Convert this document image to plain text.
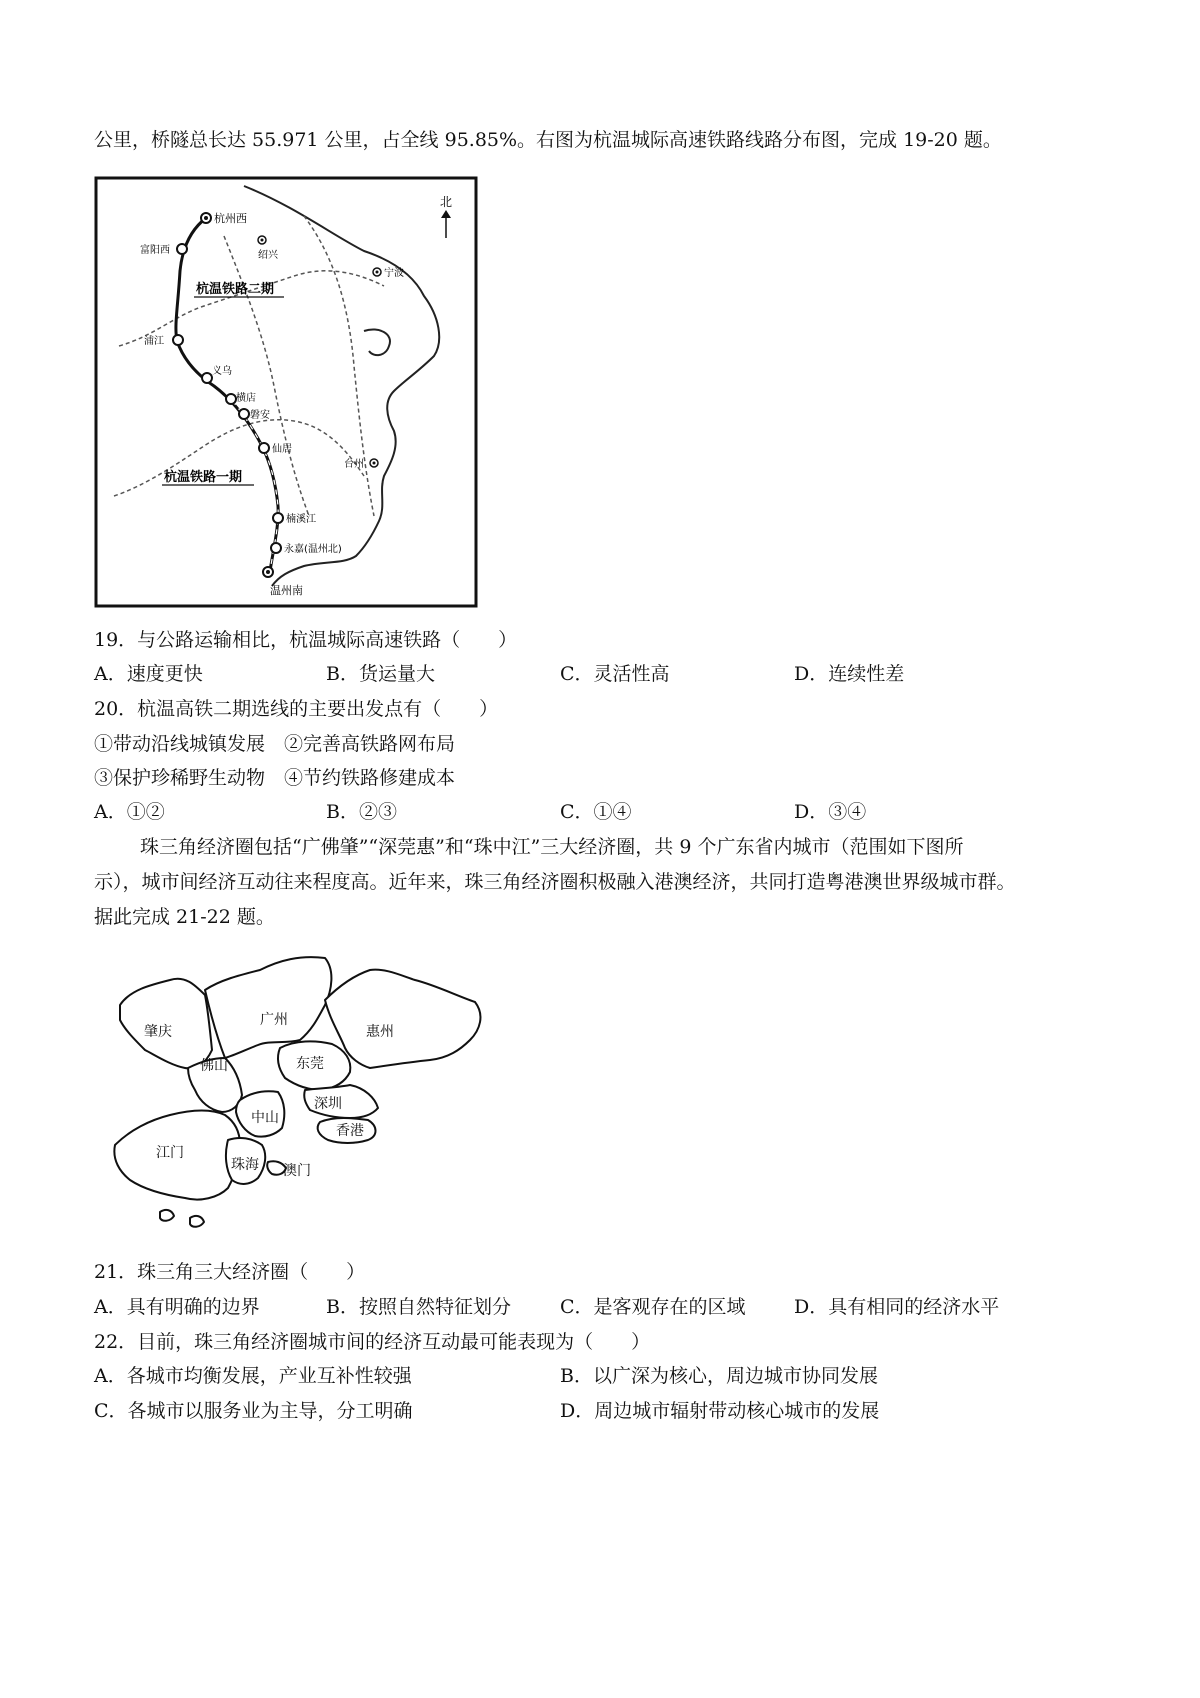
公里，桥隧总长达 55.971 公里，占全线 95.85%。右图为杭温城际高速铁路线路分布图，完成 19-20 题。
北
杭温铁路二期
杭温铁路一期
杭州西
富阳西	绍兴
宁波
浦江
义乌
横店
磐安
仙居
台州
楠溪江
永嘉(温州北)
温州南
19．与公路运输相比，杭温城际高速铁路（　　）
A．速度更快	B．货运量大	C．灵活性高	D．连续性差
20．杭温高铁二期选线的主要出发点有（　　）
①带动沿线城镇发展　②完善高铁路网布局
③保护珍稀野生动物　④节约铁路修建成本
A．①②	B．②③	C．①④	D．③④
珠三角经济圈包括“广佛肇”“深莞惠”和“珠中江”三大经济圈，共 9 个广东省内城市（范围如下图所
示），城市间经济互动往来程度高。近年来，珠三角经济圈积极融入港澳经济，共同打造粤港澳世界级城市群。
据此完成 21-22 题。
肇庆
广州
惠州
佛山	东莞
深圳
中山
香港
江门
珠海 澳门
21．珠三角三大经济圈（　　）
A．具有明确的边界	B．按照自然特征划分	C．是客观存在的区域	D．具有相同的经济水平
22．目前，珠三角经济圈城市间的经济互动最可能表现为（　　）
A．各城市均衡发展，产业互补性较强	B．以广深为核心，周边城市协同发展
C．各城市以服务业为主导，分工明确	D．周边城市辐射带动核心城市的发展
